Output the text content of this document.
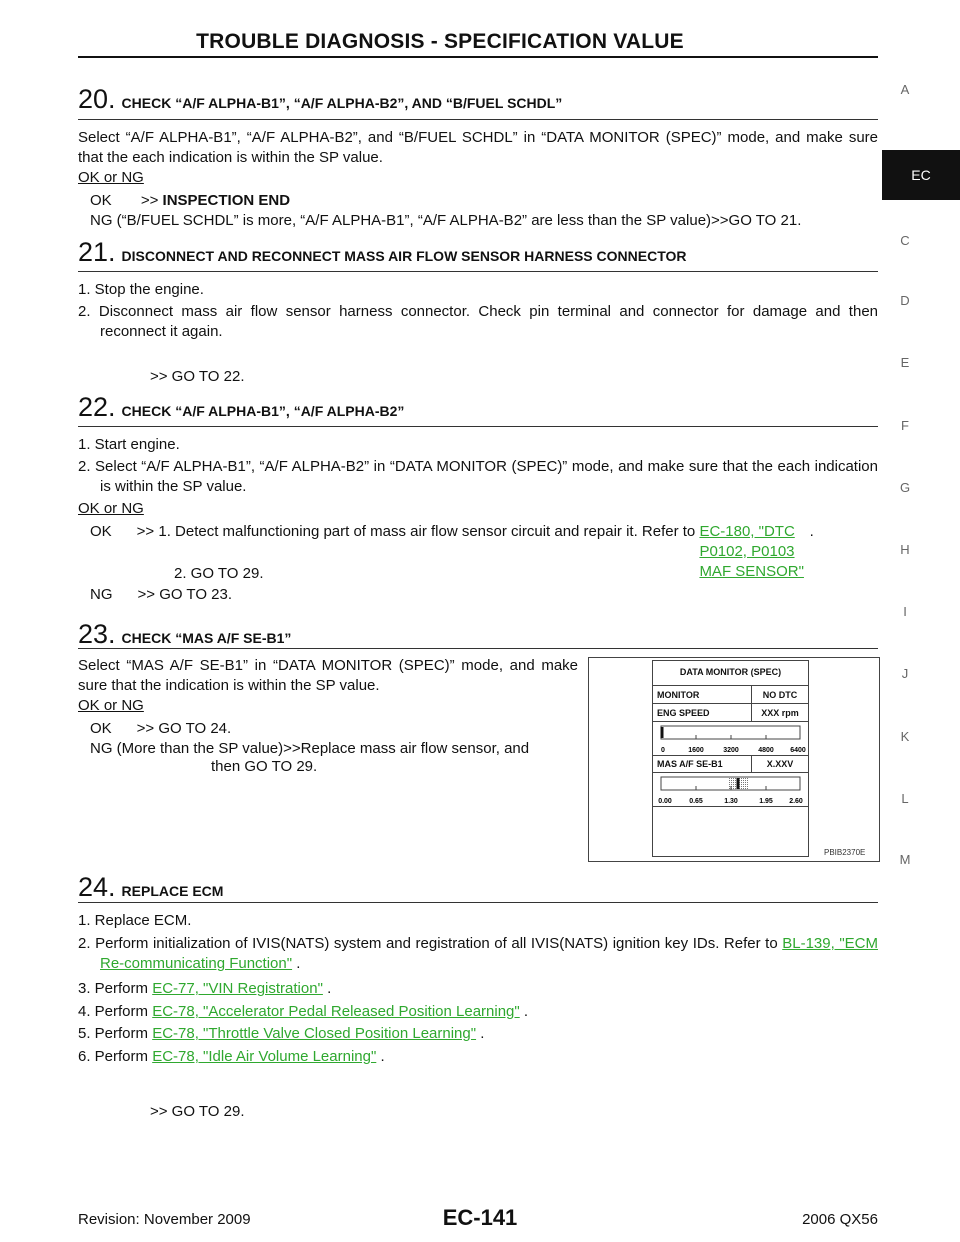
TROUBLE DIAGNOSIS - SPECIFICATION VALUE
A
EC
C
D
E
F
G
H
I
J
K
L
M
20. CHECK “A/F ALPHA-B1”, “A/F ALPHA-B2”, AND “B/FUEL SCHDL”
Select “A/F ALPHA-B1”, “A/F ALPHA-B2”, and “B/FUEL SCHDL” in “DATA MONITOR (SPEC)” mode, and make sure that the each indication is within the SP value.
OK or NG
OK       >> INSPECTION END
NG (“B/FUEL SCHDL” is more, “A/F ALPHA-B1”, “A/F ALPHA-B2” are less than the SP value)>>GO TO 21.
21. DISCONNECT AND RECONNECT MASS AIR FLOW SENSOR HARNESS CONNECTOR
1. Stop the engine.
2. Disconnect mass air flow sensor harness connector. Check pin terminal and connector for damage and then reconnect it again.
>> GO TO 22.
22. CHECK “A/F ALPHA-B1”, “A/F ALPHA-B2”
1. Start engine.
2. Select “A/F ALPHA-B1”, “A/F ALPHA-B2” in “DATA MONITOR (SPEC)” mode, and make sure that the each indication is within the SP value.
OK or NG
OK      >> 1. Detect malfunctioning part of mass air flow sensor circuit and repair it. Refer to EC-180, "DTC P0102, P0103 MAF SENSOR" .
2. GO TO 29.
NG      >> GO TO 23.
23. CHECK “MAS A/F SE-B1”
Select “MAS A/F SE-B1” in “DATA MONITOR (SPEC)” mode, and make sure that the indication is within the SP value.
OK or NG
OK      >> GO TO 24.
NG (More than the SP value)>>Replace mass air flow sensor, and
then GO TO 29.
DATA MONITOR (SPEC)
MONITOR	NO DTC
ENG SPEED	XXX rpm
0	1600	3200	4800 6400
MAS A/F SE-B1	X.XXV
0.00 0.65	1.30	1.95 2.60
PBIB2370E
24. REPLACE ECM
1. Replace ECM.
2. Perform initialization of IVIS(NATS) system and registration of all IVIS(NATS) ignition key IDs. Refer to BL-139, "ECM Re-communicating Function" .
3. Perform EC-77, "VIN Registration" .
4. Perform EC-78, "Accelerator Pedal Released Position Learning" .
5. Perform EC-78, "Throttle Valve Closed Position Learning" .
6. Perform EC-78, "Idle Air Volume Learning" .
>> GO TO 29.
Revision: November 2009	EC-141	2006 QX56
